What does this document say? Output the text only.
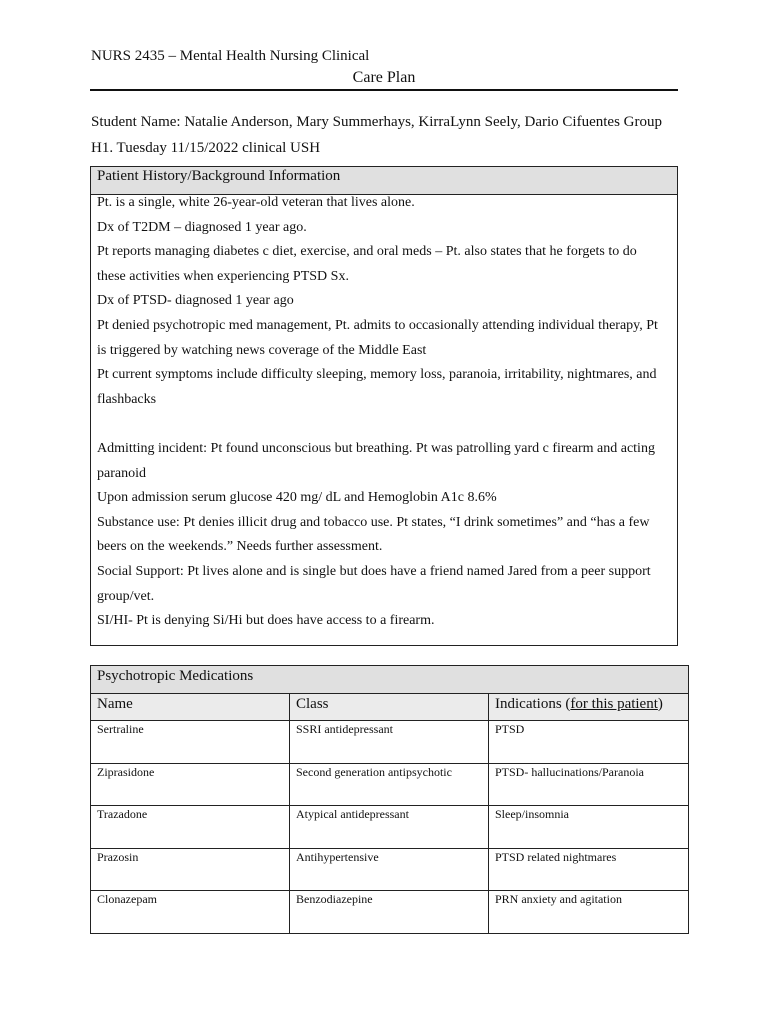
NURS 2435 – Mental Health Nursing Clinical
Care Plan
Student Name: Natalie Anderson, Mary Summerhays, KirraLynn Seely, Dario Cifuentes Group H1. Tuesday 11/15/2022 clinical USH
Patient History/Background Information

Pt. is a single, white 26-year-old veteran that lives alone.

Dx of T2DM – diagnosed 1 year ago.

Pt reports managing diabetes c diet, exercise, and oral meds – Pt. also states that he forgets to do these activities when experiencing PTSD Sx.

Dx of PTSD- diagnosed 1 year ago

Pt denied psychotropic med management, Pt. admits to occasionally attending individual therapy, Pt is triggered by watching news coverage of the Middle East

Pt current symptoms include difficulty sleeping, memory loss, paranoia, irritability, nightmares, and flashbacks

Admitting incident: Pt found unconscious but breathing. Pt was patrolling yard c firearm and acting paranoid

Upon admission serum glucose 420 mg/ dL and Hemoglobin A1c 8.6%

Substance use: Pt denies illicit drug and tobacco use. Pt states, “I drink sometimes” and “has a few beers on the weekends.” Needs further assessment.

Social Support: Pt lives alone and is single but does have a friend named Jared from a peer support group/vet.

SI/HI- Pt is denying Si/Hi but does have access to a firearm.

Psychotropic Medications		
Name	Class	Indications (for this patient)
Sertraline	SSRI antidepressant	PTSD
Ziprasidone	Second generation antipsychotic	PTSD- hallucinations/Paranoia
Trazadone	Atypical antidepressant	Sleep/insomnia
Prazosin	Antihypertensive	PTSD related nightmares
Clonazepam	Benzodiazepine	PRN anxiety and agitation
